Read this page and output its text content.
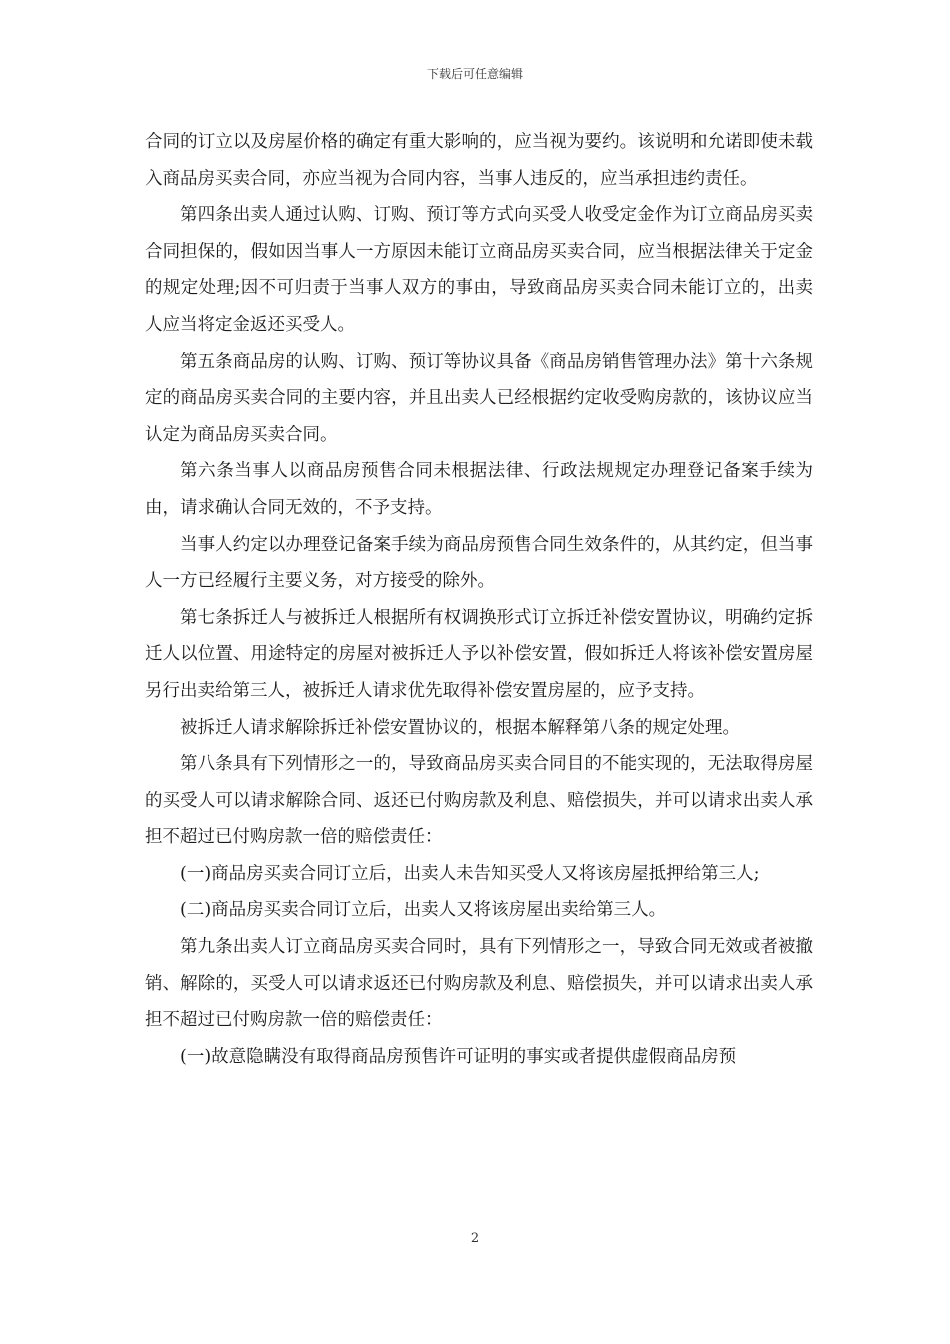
下载后可任意编辑

合同的订立以及房屋价格的确定有重大影响的，应当视为要约。该说明和允诺即使未载入商品房买卖合同，亦应当视为合同内容，当事人违反的，应当承担违约责任。

第四条出卖人通过认购、订购、预订等方式向买受人收受定金作为订立商品房买卖合同担保的，假如因当事人一方原因未能订立商品房买卖合同，应当根据法律关于定金的规定处理;因不可归责于当事人双方的事由，导致商品房买卖合同未能订立的，出卖人应当将定金返还买受人。

第五条商品房的认购、订购、预订等协议具备《商品房销售管理办法》第十六条规定的商品房买卖合同的主要内容，并且出卖人已经根据约定收受购房款的，该协议应当认定为商品房买卖合同。

第六条当事人以商品房预售合同未根据法律、行政法规规定办理登记备案手续为由，请求确认合同无效的，不予支持。

当事人约定以办理登记备案手续为商品房预售合同生效条件的，从其约定，但当事人一方已经履行主要义务，对方接受的除外。

第七条拆迁人与被拆迁人根据所有权调换形式订立拆迁补偿安置协议，明确约定拆迁人以位置、用途特定的房屋对被拆迁人予以补偿安置，假如拆迁人将该补偿安置房屋另行出卖给第三人，被拆迁人请求优先取得补偿安置房屋的，应予支持。

被拆迁人请求解除拆迁补偿安置协议的，根据本解释第八条的规定处理。

第八条具有下列情形之一的，导致商品房买卖合同目的不能实现的，无法取得房屋的买受人可以请求解除合同、返还已付购房款及利息、赔偿损失，并可以请求出卖人承担不超过已付购房款一倍的赔偿责任：

(一)商品房买卖合同订立后，出卖人未告知买受人又将该房屋抵押给第三人;

(二)商品房买卖合同订立后，出卖人又将该房屋出卖给第三人。

第九条出卖人订立商品房买卖合同时，具有下列情形之一，导致合同无效或者被撤销、解除的，买受人可以请求返还已付购房款及利息、赔偿损失，并可以请求出卖人承担不超过已付购房款一倍的赔偿责任：

(一)故意隐瞒没有取得商品房预售许可证明的事实或者提供虚假商品房预

2
